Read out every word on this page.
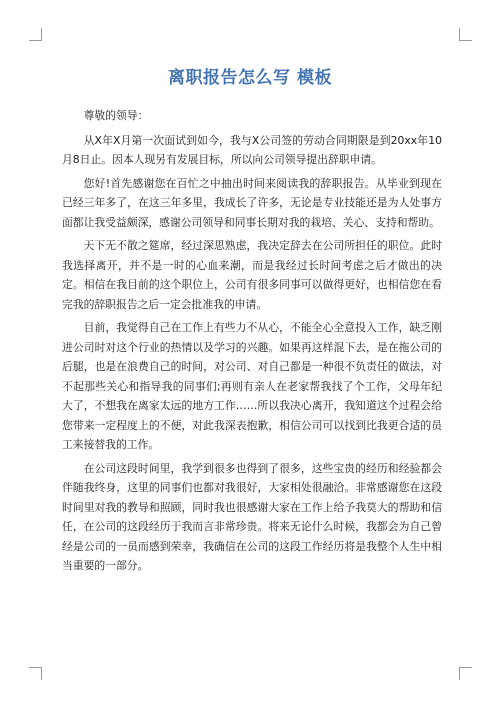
离职报告怎么写 模板

尊敬的领导：

从X年X月第一次面试到如今，我与X公司签的劳动合同期限是到20xx年10月8日止。因本人现另有发展目标，所以向公司领导提出辞职申请。

您好!首先感谢您在百忙之中抽出时间来阅读我的辞职报告。从毕业到现在已经三年多了，在这三年多里，我成长了许多，无论是专业技能还是为人处事方面都让我受益颇深，感谢公司领导和同事长期对我的栽培、关心、支持和帮助。

天下无不散之筵席，经过深思熟虑，我决定辞去在公司所担任的职位。此时我选择离开，并不是一时的心血来潮，而是我经过长时间考虑之后才做出的决定。相信在我目前的这个职位上，公司有很多同事可以做得更好，也相信您在看完我的辞职报告之后一定会批准我的申请。

目前，我觉得自己在工作上有些力不从心，不能全心全意投入工作，缺乏刚进公司时对这个行业的热情以及学习的兴趣。如果再这样混下去，是在拖公司的后腿，也是在浪费自己的时间，对公司、对自己都是一种很不负责任的做法，对不起那些关心和指导我的同事们;再则有亲人在老家帮我找了个工作，父母年纪大了，不想我在离家太远的地方工作……所以我决心离开，我知道这个过程会给您带来一定程度上的不便，对此我深表抱歉，相信公司可以找到比我更合适的员工来接替我的工作。

在公司这段时间里，我学到很多也得到了很多，这些宝贵的经历和经验都会伴随我终身，这里的同事们也都对我很好，大家相处很融洽。非常感谢您在这段时间里对我的教导和照顾，同时我也很感谢大家在工作上给予我莫大的帮助和信任，在公司的这段经历于我而言非常珍贵。将来无论什么时候，我都会为自己曾经是公司的一员而感到荣幸，我确信在公司的这段工作经历将是我整个人生中相当重要的一部分。
